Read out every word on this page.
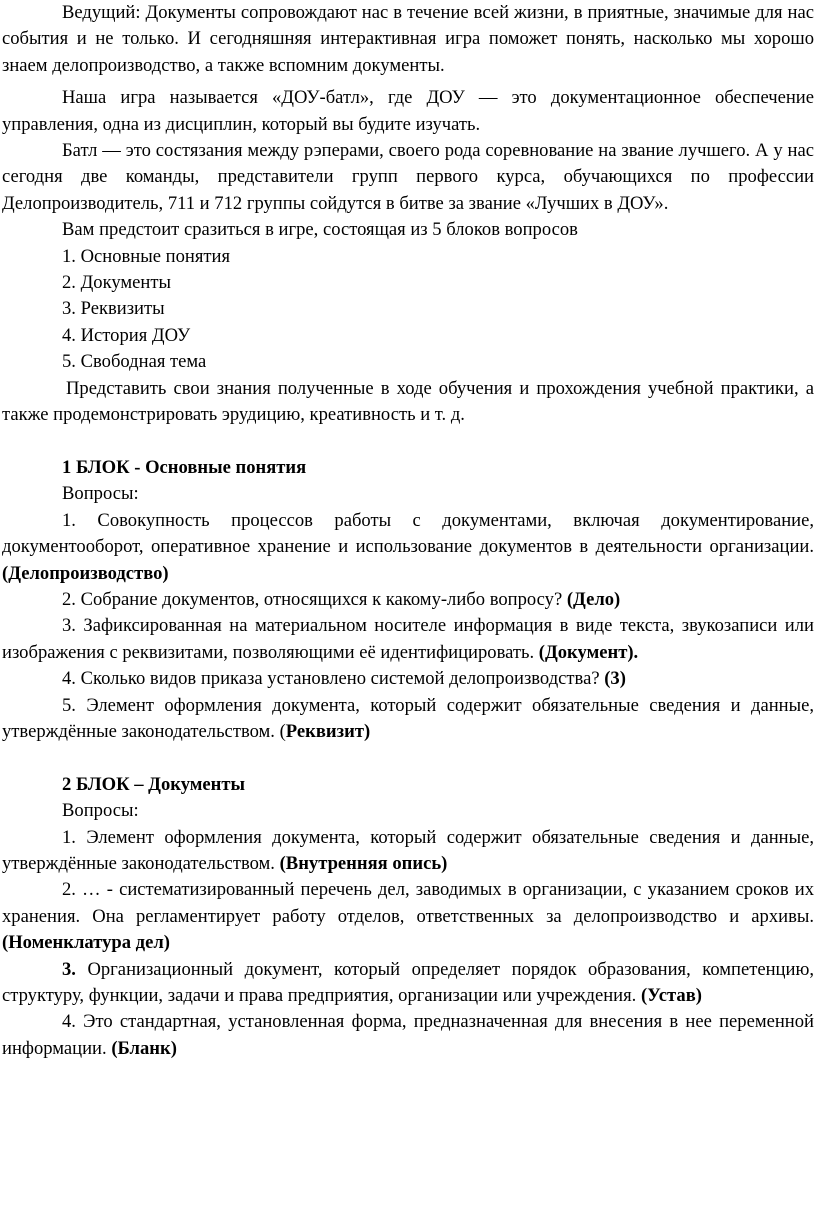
Ведущий: Документы сопровождают нас в течение всей жизни, в приятные, значимые для нас события и не только. И сегодняшняя интерактивная игра поможет понять, насколько мы хорошо знаем делопроизводство, а также вспомним документы.

Наша игра называется «ДОУ-батл», где ДОУ — это документационное обеспечение управления, одна из дисциплин, который вы будите изучать.

Батл — это состязания между рэперами, своего рода соревнование на звание лучшего. А у нас сегодня две команды, представители групп первого курса, обучающихся по профессии Делопроизводитель, 711 и 712 группы сойдутся в битве за звание «Лучших в ДОУ».

Вам предстоит сразиться в игре, состоящая из 5 блоков вопросов

1. Основные понятия

2. Документы

3. Реквизиты

4. История ДОУ

5. Свободная тема

Представить свои знания полученные в ходе обучения и прохождения учебной практики, а также продемонстрировать эрудицию, креативность и т. д.

1 БЛОК - Основные понятия

Вопросы:

1. Совокупность процессов работы с документами, включая документирование, документооборот, оперативное хранение и использование документов в деятельности организации. (Делопроизводство)

2. Собрание документов, относящихся к какому-либо вопросу? (Дело)

3. Зафиксированная на материальном носителе информация в виде текста, звукозаписи или изображения с реквизитами, позволяющими её идентифицировать. (Документ).

4. Сколько видов приказа установлено системой делопроизводства? (3)

5. Элемент оформления документа, который содержит обязательные сведения и данные, утверждённые законодательством. (Реквизит)

2 БЛОК – Документы

Вопросы:

1. Элемент оформления документа, который содержит обязательные сведения и данные, утверждённые законодательством. (Внутренняя опись)

2. … - систематизированный перечень дел, заводимых в организации, с указанием сроков их хранения. Она регламентирует работу отделов, ответственных за делопроизводство и архивы. (Номенклатура дел)

3. Организационный документ, который определяет порядок образования, компетенцию, структуру, функции, задачи и права предприятия, организации или учреждения. (Устав)

4. Это стандартная, установленная форма, предназначенная для внесения в нее переменной информации. (Бланк)
